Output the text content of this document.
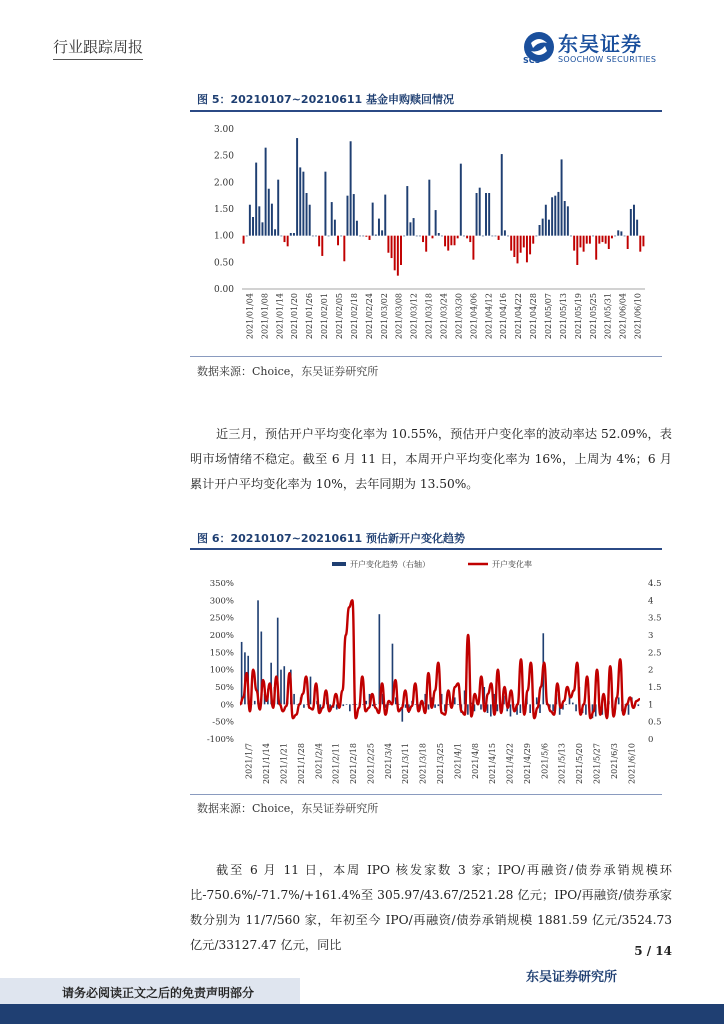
行业跟踪周报	东吴证券
SCS SOOCHOW SECURITIES
图 5：20210107~20210611 基金申购赎回情况
0.00
0.50
1.00
1.50
2.00
2.50
3.00
2021/01/04 2021/01/08 2021/01/14 2021/01/20 2021/01/26 2021/02/01 2021/02/05 2021/02/18 2021/02/24 2021/03/02 2021/03/08 2021/03/12 2021/03/18 2021/03/24 2021/03/30 2021/04/06 2021/04/12 2021/04/16 2021/04/22 2021/04/28 2021/05/07 2021/05/13 2021/05/19 2021/05/25 2021/05/31 2021/06/04 2021/06/10
数据来源：Choice，东吴证券研究所
近三月，预估开户平均变化率为 10.55%，预估开户变化率的波动率达 52.09%，表明市场情绪不稳定。截至 6 月 11 日，本周开户平均变化率为 16%，上周为 4%；6 月累计开户平均变化率为 10%，去年同期为 13.50%。
图 6：20210107~20210611 预估新开户变化趋势
开户变化趋势（右轴）	开户变化率
-100%
-50%
0%
50%
100%
150%
200%
250%
300%
350%
0
0.5
1
1.5
2
2.5
3
3.5
4
4.5
2021/1/7 2021/1/14 2021/1/21 2021/1/28 2021/2/4 2021/2/11 2021/2/18 2021/2/25 2021/3/4 2021/3/11 2021/3/18 2021/3/25 2021/4/1 2021/4/8 2021/4/15 2021/4/22 2021/4/29 2021/5/6 2021/5/13 2021/5/20 2021/5/27 2021/6/3 2021/6/10
数据来源：Choice，东吴证券研究所
截至 6 月 11 日，本周 IPO 核发家数 3 家；IPO/再融资/债券承销规模环比-750.6%/-71.7%/+161.4%至 305.97/43.67/2521.28 亿元；IPO/再融资/债券承家数分别为 11/7/560 家，年初至今 IPO/再融资/债券承销规模 1881.59 亿元/3524.73 亿元/33127.47 亿元，同比	5 / 14
东吴证券研究所
请务必阅读正文之后的免责声明部分
